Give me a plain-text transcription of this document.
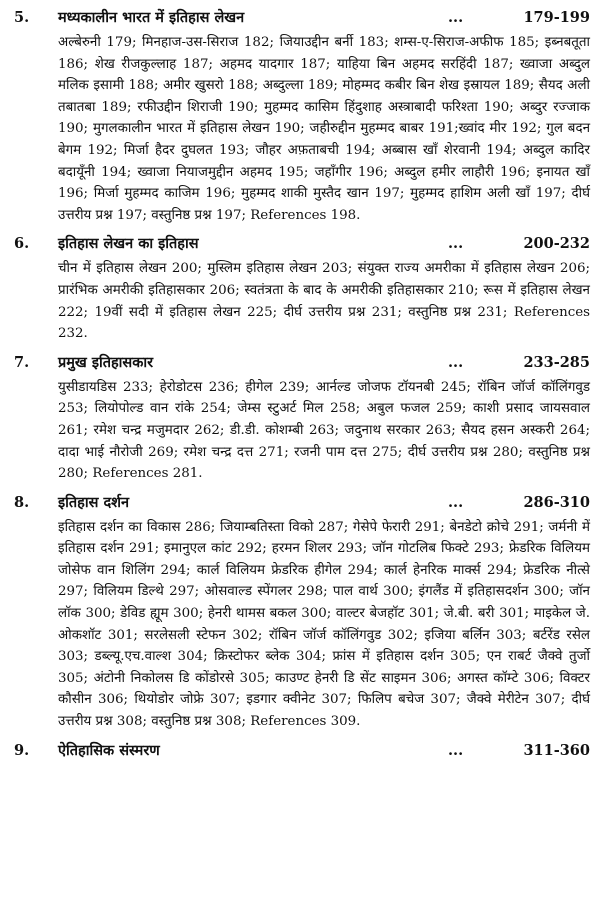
5.	मध्यकालीन भारत में इतिहास लेखन	...	179-199
अल्बेरुनी 179; मिनहाज-उस-सिराज 182; जियाउद्दीन बर्नी 183; शम्स-ए-सिराज-अफीफ 185; इब्नबतूता 186; शेख रीजकुल्लाह 187; अहमद यादगार 187; याहिया बिन अहमद सरहिंदी 187; ख्वाजा अब्दुल मलिक इसामी 188; अमीर खुसरो 188; अब्दुल्ला 189; मोहम्मद कबीर बिन शेख इस्रायल 189; सैयद अली तबातबा 189; रफीउद्दीन शिराजी 190; मुहम्मद कासिम हिंदुशाह अस्त्राबादी फरिश्ता 190; अब्दुर रज्जाक 190; मुगलकालीन भारत में इतिहास लेखन 190; जहीरुद्दीन मुहम्मद बाबर 191;ख्वांद मीर 192; गुल बदन बेगम 192; मिर्जा हैदर दुघलत 193; जौहर अफ़ताबची 194; अब्बास खाँ शेरवानी 194; अब्दुल कादिर बदायूँनी 194; ख्वाजा नियाजमुद्दीन अहमद 195; जहाँगीर 196; अब्दुल हमीर लाहौरी 196; इनायत खाँ 196; मिर्जा मुहम्मद काजिम 196; मुहम्मद शाकी मुस्तैद खान 197; मुहम्मद हाशिम अली खाँ 197; दीर्घ उत्तरीय प्रश्न 197; वस्तुनिष्ठ प्रश्न 197; References 198.
6.	इतिहास लेखन का इतिहास	...	200-232
चीन में इतिहास लेखन 200; मुस्लिम इतिहास लेखन 203; संयुक्त राज्य अमरीका में इतिहास लेखन 206; प्रारंभिक अमरीकी इतिहासकार 206; स्वतंत्रता के बाद के अमरीकी इतिहासकार 210; रूस में इतिहास लेखन 222; 19वीं सदी में इतिहास लेखन 225; दीर्घ उत्तरीय प्रश्न 231; वस्तुनिष्ठ प्रश्न 231; References 232.
7.	प्रमुख इतिहासकार	...	233-285
युसीडायडिस 233; हेरोडोटस 236; हीगेल 239; आर्नल्ड जोजफ टॉयनबी 245; रॉबिन जॉर्ज कॉलिंगवुड 253; लियोपोल्ड वान रांके 254; जेम्स स्टुअर्ट मिल 258; अबुल फजल 259; काशी प्रसाद जायसवाल 261; रमेश चन्द्र मजुमदार 262; डी.डी. कोशम्बी 263; जदुनाथ सरकार 263; सैयद हसन अस्करी 264; दादा भाई नौरोजी 269; रमेश चन्द्र दत्त 271; रजनी पाम दत्त 275; दीर्घ उत्तरीय प्रश्न 280; वस्तुनिष्ठ प्रश्न 280; References 281.
8.	इतिहास दर्शन	...	286-310
इतिहास दर्शन का विकास 286; जियाम्बतिस्ता विको 287; गेसेपे फेरारी 291; बेनडेटो क्रोचे 291; जर्मनी में इतिहास दर्शन 291; इमानुएल कांट 292; हरमन शिलर 293; जॉन गोटलिब फिक्टे 293; फ्रेडरिक विलियम जोसेफ वान शिलिंग 294; कार्ल विलियम फ्रेडरिक हीगेल 294; कार्ल हेनरिक मार्क्स 294; फ्रेडरिक नीत्से 297; विलियम डिल्थे 297; ओसवाल्ड स्पेंगलर 298; पाल वार्थ 300; इंगलैंड में इतिहासदर्शन 300; जॉन लॉक 300; डेविड ह्यूम 300; हेनरी थामस बकल 300; वाल्टर बेजहॉट 301; जे.बी. बरी 301; माइकेल जे. ओकशॉट 301; सरलेसली स्टेफन 302; रॉबिन जॉर्ज कॉलिंगवुड 302; इजिया बर्लिन 303; बर्टरेंड रसेल 303; डब्ल्यू.एच.वाल्श 304; क्रिस्टोफर ब्लेक 304; फ्रांस में इतिहास दर्शन 305; एन राबर्ट जैक्वे तुर्जो 305; अंटोनी निकोलस डि कोंडोरसे 305; काउण्ट हेनरी डि सेंट साइमन 306; अगस्त कॉम्टे 306; विक्टर कौसीन 306; थियोडोर जोफ्रे 307; इडगार क्वीनेट 307; फिलिप बचेज 307; जैक्वे मेरीटेन 307; दीर्घ उत्तरीय प्रश्न 308; वस्तुनिष्ठ प्रश्न 308; References 309.
9.	ऐतिहासिक संस्मरण	...	311-360
